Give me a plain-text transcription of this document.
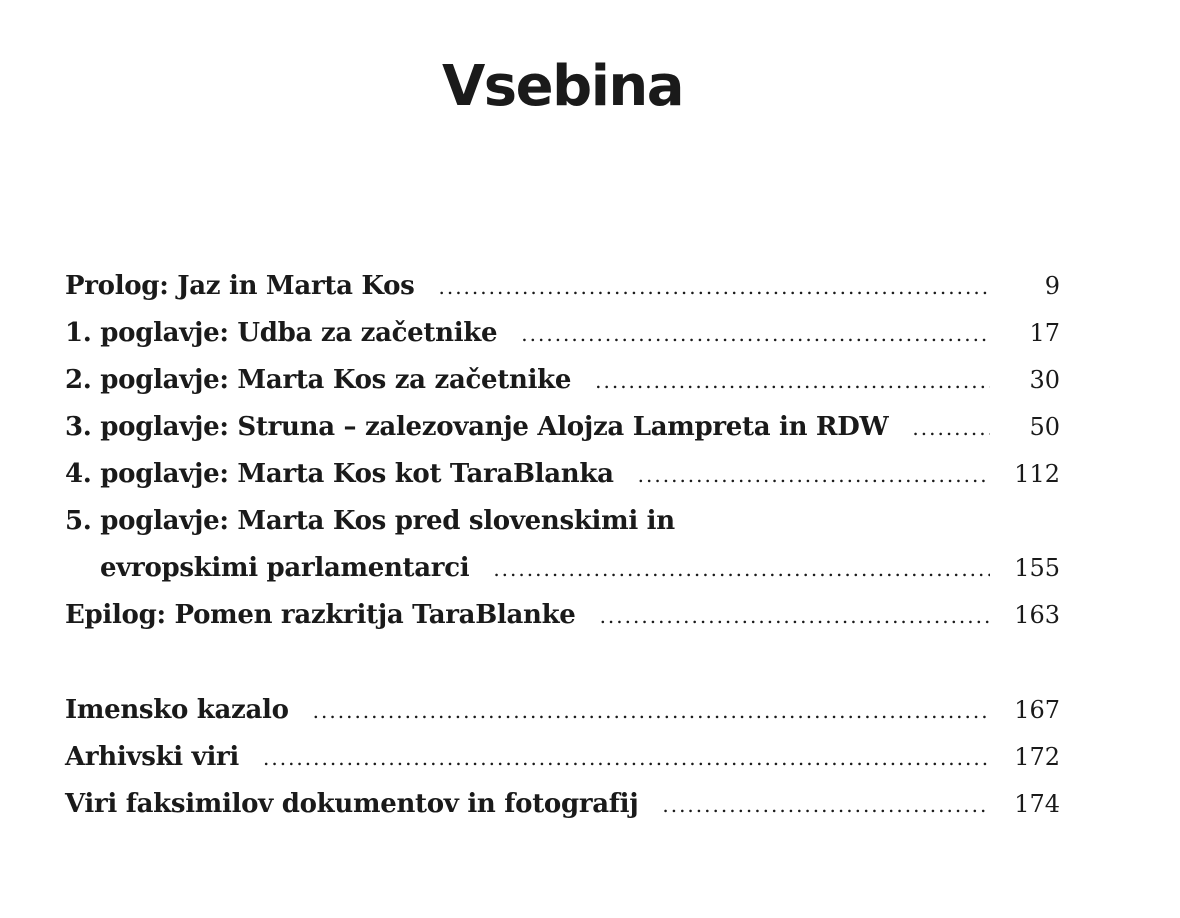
Vsebina
Prolog: Jaz in Marta Kos .....	9
1. poglavje: Udba za začetnike .....	17
2. poglavje: Marta Kos za začetnike .....	30
3. poglavje: Struna – zalezovanje Alojza Lampreta in RDW .....	50
4. poglavje: Marta Kos kot TaraBlanka .....	112
5. poglavje: Marta Kos pred slovenskimi in
evropskimi parlamentarci .....	155
Epilog: Pomen razkritja TaraBlanke .....	163
Imensko kazalo .....	167
Arhivski viri .....	172
Viri faksimilov dokumentov in fotografij .....	174
